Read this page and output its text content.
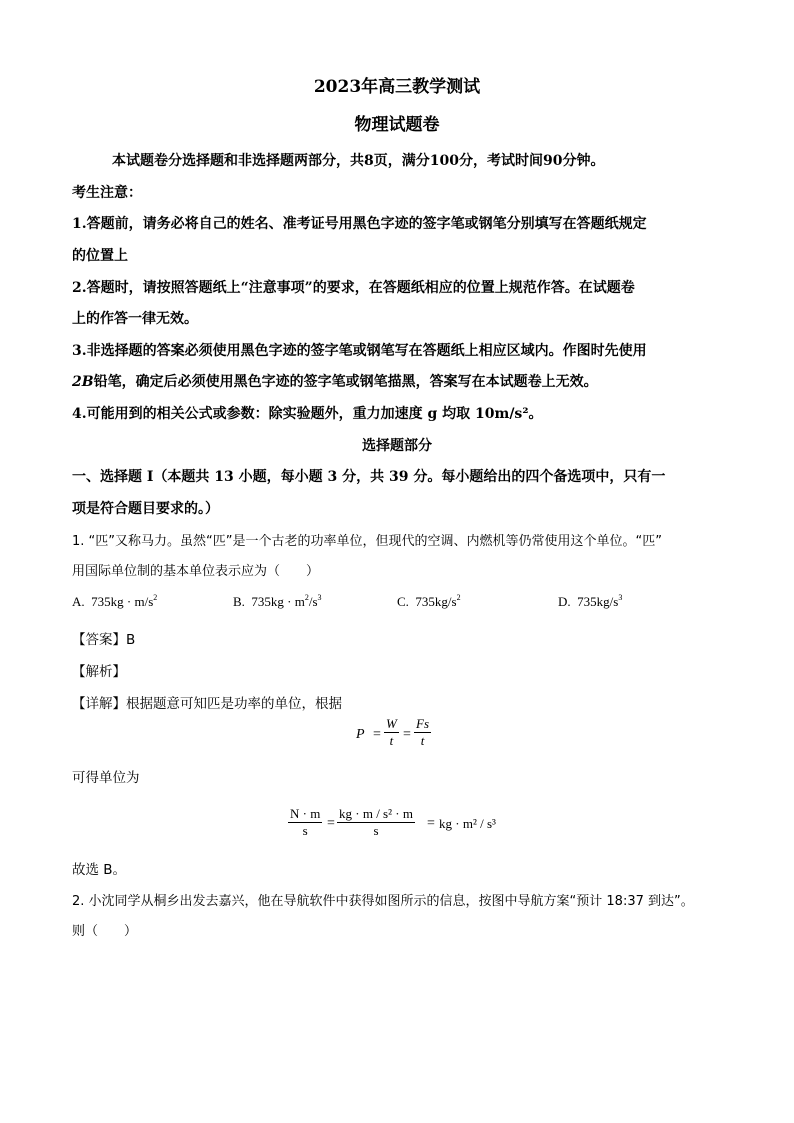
2023年高三教学测试
物理试题卷
本试题卷分选择题和非选择题两部分，共8页，满分100分，考试时间90分钟。
考生注意：
1.答题前，请务必将自己的姓名、准考证号用黑色字迹的签字笔或钢笔分别填写在答题纸规定
的位置上
2.答题时，请按照答题纸上“注意事项”的要求，在答题纸相应的位置上规范作答。在试题卷
上的作答一律无效。
3.非选择题的答案必须使用黑色字迹的签字笔或钢笔写在答题纸上相应区域内。作图时先使用
2B铅笔，确定后必须使用黑色字迹的签字笔或钢笔描黑，答案写在本试题卷上无效。
4.可能用到的相关公式或参数：除实验题外，重力加速度 g 均取 10m/s²。
选择题部分
一、选择题 I（本题共 13 小题，每小题 3 分，共 39 分。每小题给出的四个备选项中，只有一
项是符合题目要求的。）
1. “匹”又称马力。虽然“匹”是一个古老的功率单位，但现代的空调、内燃机等仍常使用这个单位。“匹”
用国际单位制的基本单位表示应为（　　）
A. $735kg \cdot m/s^2$	B. $735kg \cdot m^2/s^3$	C. $735kg/s^2$	D. $735kg/s^3$
【答案】B
【解析】
【详解】根据题意可知匹是功率的单位，根据
P =
W
t =
Fs
t
可得单位为
N · m
s	=
kg · m / s² · m
s	= kg · m² / s³
故选 B。
2. 小沈同学从桐乡出发去嘉兴，他在导航软件中获得如图所示的信息，按图中导航方案“预计 18:37 到达”。
则（　　）
